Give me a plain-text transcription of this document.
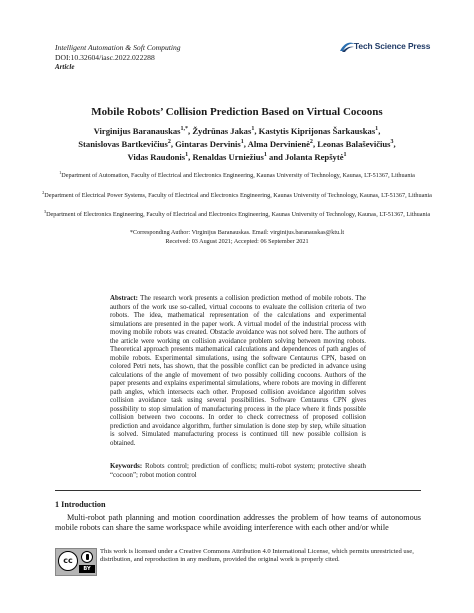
Intelligent Automation & Soft Computing
DOI:10.32604/iasc.2022.022288
Article
Tech Science Press
Mobile Robots’ Collision Prediction Based on Virtual Cocoons
Virginijus Baranauskas$^{1,*}$, Žydrūnas Jakas$^1$, Kastytis Kiprijonas Šarkauskas$^1$,
Stanislovas Bartkevičius$^2$, Gintaras Dervinis$^1$, Alma Dervinienė$^2$, Leonas Balaševičius$^3$,
Vidas Raudonis$^1$, Renaldas Urniežius$^1$ and Jolanta Repšytė$^1$
$^1$Department of Automation, Faculty of Electrical and Electronics Engineering, Kaunas University of Technology, Kaunas, LT-51367, Lithuania
$^2$Department of Electrical Power Systems, Faculty of Electrical and Electronics Engineering, Kaunas University of Technology, Kaunas, LT-51367, Lithuania
$^3$Department of Electronics Engineering, Faculty of Electrical and Electronics Engineering, Kaunas University of Technology, Kaunas, LT-51367, Lithuania
*Corresponding Author: Virginijus Baranauskas. Email: virginijus.baranauskas@ktu.lt
Received: 03 August 2021; Accepted: 06 September 2021
Abstract: The research work presents a collision prediction method of mobile robots. The authors of the work use so-called, virtual cocoons to evaluate the collision criteria of two robots. The idea, mathematical representation of the calculations and experimental simulations are presented in the paper work. A virtual model of the industrial process with moving mobile robots was created. Obstacle avoidance was not solved here. The authors of the article were working on collision avoidance problem solving between moving robots. Theoretical approach presents mathematical calculations and dependences of path angles of mobile robots. Experimental simulations, using the software Centaurus CPN, based on colored Petri nets, has shown, that the possible conflict can be predicted in advance using calculations of the angle of movement of two possibly colliding cocoons. Authors of the paper presents and explains experimental simulations, where robots are moving in different path angles, which intersects each other. Proposed collision avoidance algorithm solves collision avoidance task using several possibilities. Software Centaurus CPN gives possibility to stop simulation of manufacturing process in the place where it finds possible collision between two cocoons. In order to check correctness of proposed collision prediction and avoidance algorithm, further simulation is done step by step, while situation is solved. Simulated manufacturing process is continued till new possible collision is obtained.
Keywords: Robots control; prediction of conflicts; multi-robot system; protective sheath “cocoon”; robot motion control
1 Introduction
Multi-robot path planning and motion coordination addresses the problem of how teams of autonomous mobile robots can share the same workspace while avoiding interference with each other and/or while
cc
BY
This work is licensed under a Creative Commons Attribution 4.0 International License, which permits unrestricted use, distribution, and reproduction in any medium, provided the original work is properly cited.
